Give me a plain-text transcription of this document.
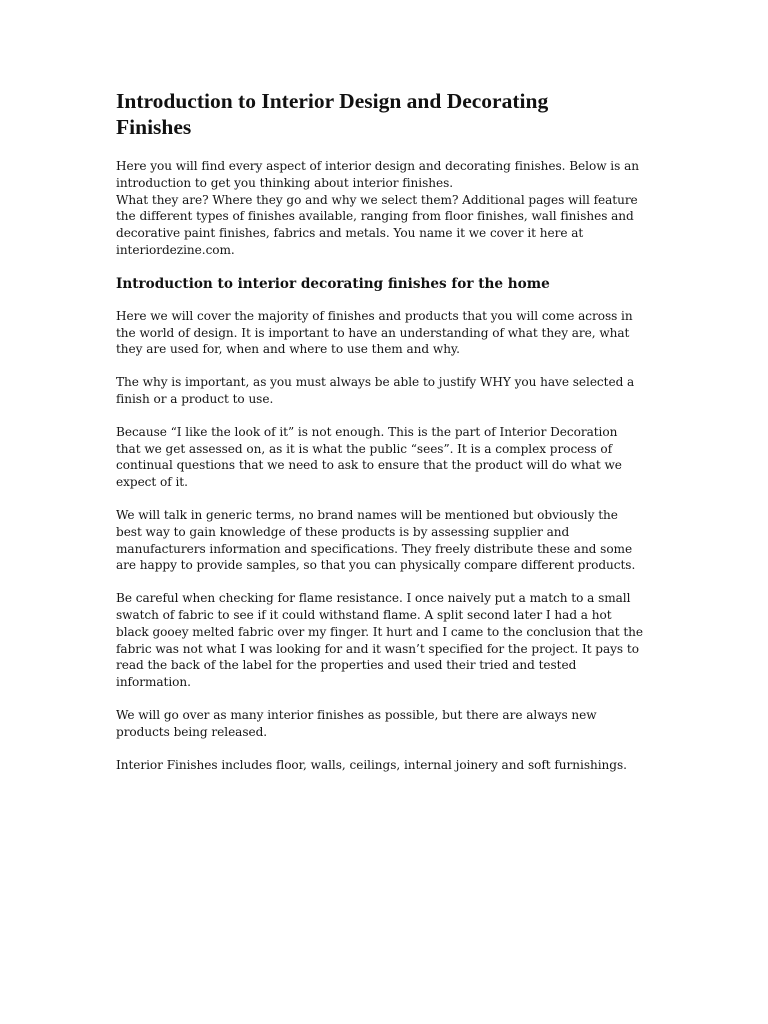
Introduction to Interior Design and Decorating
Finishes

Here you will find every aspect of interior design and decorating finishes. Below is an
introduction to get you thinking about interior finishes.
What they are? Where they go and why we select them? Additional pages will feature
the different types of finishes available, ranging from floor finishes, wall finishes and
decorative paint finishes, fabrics and metals. You name it we cover it here at
interiordezine.com.

Introduction to interior decorating finishes for the home

Here we will cover the majority of finishes and products that you will come across in
the world of design. It is important to have an understanding of what they are, what
they are used for, when and where to use them and why.

The why is important, as you must always be able to justify WHY you have selected a
finish or a product to use.

Because “I like the look of it” is not enough. This is the part of Interior Decoration
that we get assessed on, as it is what the public “sees”. It is a complex process of
continual questions that we need to ask to ensure that the product will do what we
expect of it.

We will talk in generic terms, no brand names will be mentioned but obviously the
best way to gain knowledge of these products is by assessing supplier and
manufacturers information and specifications. They freely distribute these and some
are happy to provide samples, so that you can physically compare different products.

Be careful when checking for flame resistance. I once naively put a match to a small
swatch of fabric to see if it could withstand flame. A split second later I had a hot
black gooey melted fabric over my finger. It hurt and I came to the conclusion that the
fabric was not what I was looking for and it wasn’t specified for the project. It pays to
read the back of the label for the properties and used their tried and tested
information.

We will go over as many interior finishes as possible, but there are always new
products being released.

Interior Finishes includes floor, walls, ceilings, internal joinery and soft furnishings.
